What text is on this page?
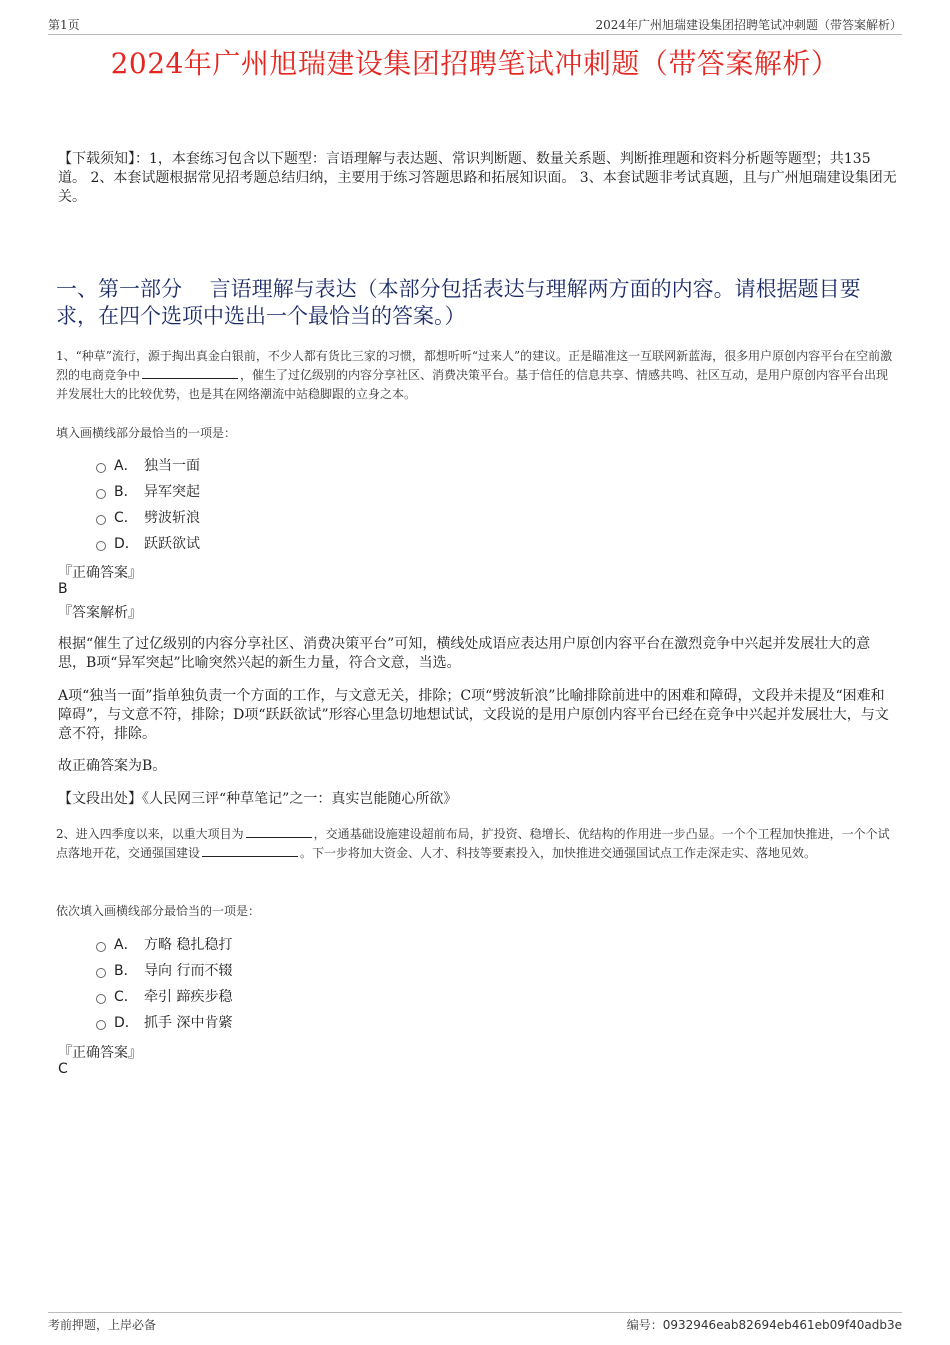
第1页	2024年广州旭瑞建设集团招聘笔试冲刺题（带答案解析）
2024年广州旭瑞建设集团招聘笔试冲刺题（带答案解析）
【下载须知】：1，本套练习包含以下题型：言语理解与表达题、常识判断题、数量关系题、判断推理题和资料分析题等题型；共135道。 2、本套试题根据常见招考题总结归纳，主要用于练习答题思路和拓展知识面。 3、本套试题非考试真题，且与广州旭瑞建设集团无关。
一、第一部分　 言语理解与表达（本部分包括表达与理解两方面的内容。请根据题目要求，在四个选项中选出一个最恰当的答案。）
1、“种草”流行，源于掏出真金白银前，不少人都有货比三家的习惯，都想听听“过来人”的建议。正是瞄准这一互联网新蓝海，很多用户原创内容平台在空前激烈的电商竞争中	，催生了过亿级别的内容分享社区、消费决策平台。基于信任的信息共享、情感共鸣、社区互动，是用户原创内容平台出现并发展壮大的比较优势，也是其在网络潮流中站稳脚跟的立身之本。
填入画横线部分最恰当的一项是：
A． 独当一面
B． 异军突起
C． 劈波斩浪
D． 跃跃欲试
『正确答案』
B
『答案解析』
根据“催生了过亿级别的内容分享社区、消费决策平台”可知，横线处成语应表达用户原创内容平台在激烈竞争中兴起并发展壮大的意思，B项“异军突起”比喻突然兴起的新生力量，符合文意，当选。
A项“独当一面”指单独负责一个方面的工作，与文意无关，排除；C项“劈波斩浪”比喻排除前进中的困难和障碍，文段并未提及“困难和障碍”，与文意不符，排除；D项“跃跃欲试”形容心里急切地想试试，文段说的是用户原创内容平台已经在竞争中兴起并发展壮大，与文意不符，排除。
故正确答案为B。
【文段出处】《人民网三评“种草笔记”之一：真实岂能随心所欲》
2、进入四季度以来，以重大项目为	，交通基础设施建设超前布局，扩投资、稳增长、优结构的作用进一步凸显。一个个工程加快推进，一个个试点落地开花，交通强国建设	。下一步将加大资金、人才、科技等要素投入，加快推进交通强国试点工作走深走实、落地见效。
依次填入画横线部分最恰当的一项是：
A． 方略 稳扎稳打
B． 导向 行而不辍
C． 牵引 蹄疾步稳
D． 抓手 深中肯綮
『正确答案』
C
考前押题，上岸必备	编号：0932946eab82694eb461eb09f40adb3e
